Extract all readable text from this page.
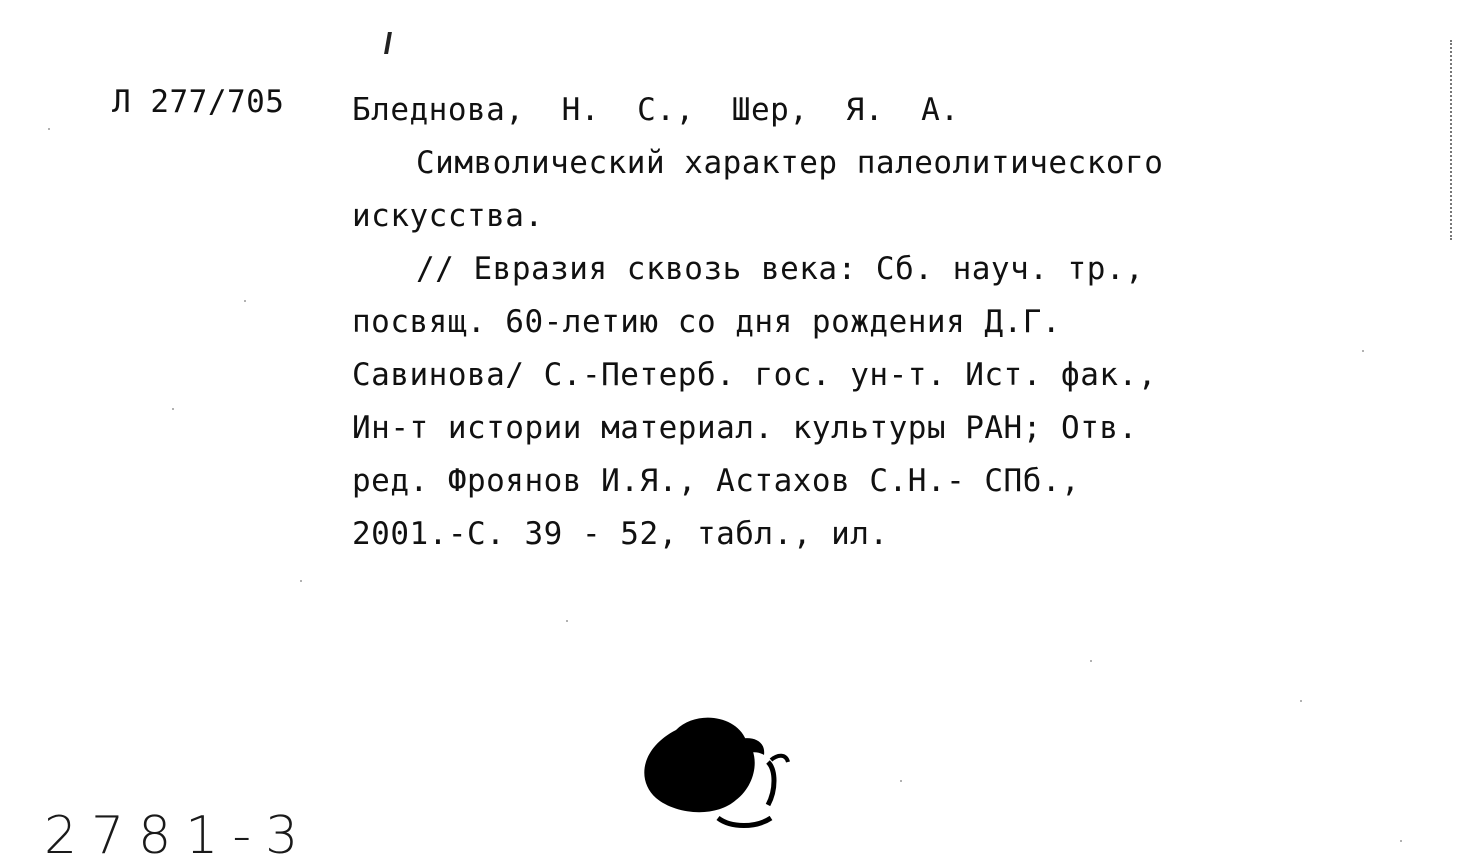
Л 277/705 Бледнова, Н. С., Шер, Я. А.
Символический характер палеолитического
искусства.
// Евразия сквозь века: Сб. науч. тр.,
посвящ. 60-летию со дня рождения Д.Г.
Савинова/ С.-Петерб. гос. ун-т. Ист. фак.,
Ин-т истории материал. культуры РАН; Отв.
ред. Фроянов И.Я., Астахов С.Н.- СПб.,
2001.-С. 39 - 52, табл., ил.
2781-3
